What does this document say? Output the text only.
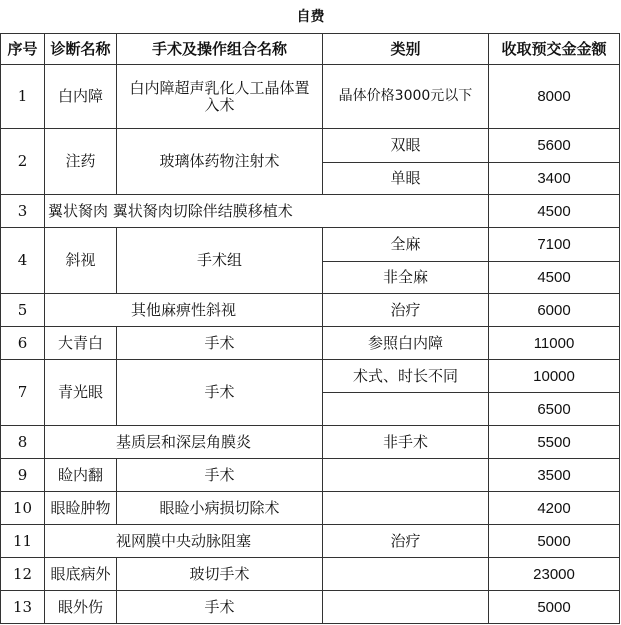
自费
序号	诊断名称	手术及操作组合名称	类别	收取预交金金额
1	白内障	白内障超声乳化人工晶体置入术	晶体价格3000元以下	8000
2	注药	玻璃体药物注射术	双眼	5600
			单眼	3400
3	翼状胬肉 翼状胬肉切除伴结膜移植术			4500
4	斜视	手术组	全麻	7100
			非全麻	4500
5	其他麻痹性斜视		治疗	6000
6	大青白	手术	参照白内障	11000
7	青光眼	手术	术式、时长不同	10000
				6500
8	基质层和深层角膜炎		非手术	5500
9	睑内翻	手术		3500
10	眼睑肿物	眼睑小病损切除术		4200
11	视网膜中央动脉阻塞		治疗	5000
12	眼底病外	玻切手术		23000
13	眼外伤	手术		5000
